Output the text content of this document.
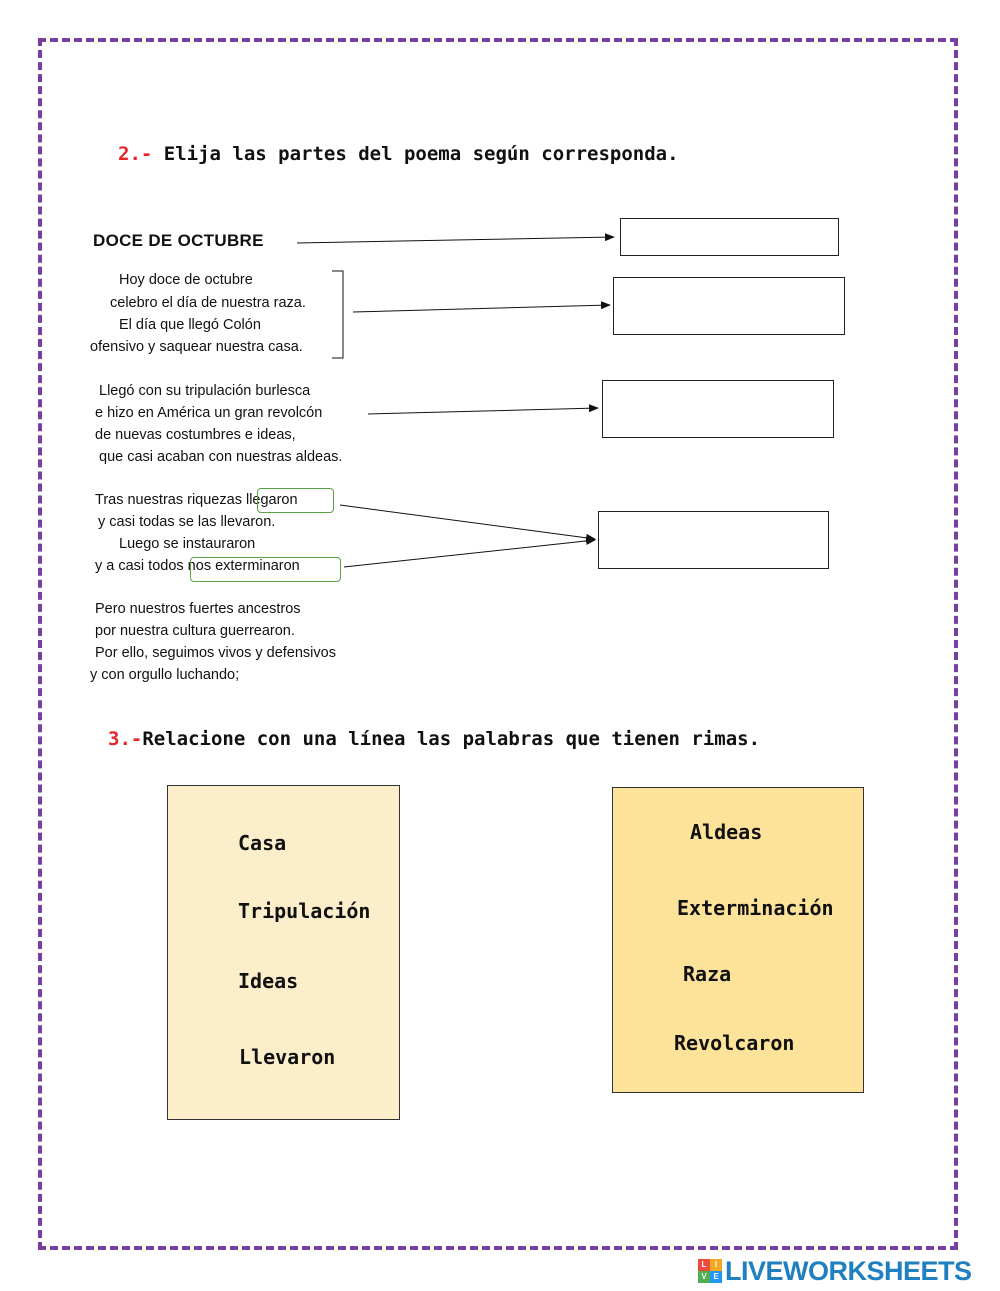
2.- Elija las partes del poema según corresponda.
DOCE DE OCTUBRE
Hoy doce de octubre
celebro el día de nuestra raza.
El día que llegó Colón
ofensivo y saquear nuestra casa.
Llegó con su tripulación burlesca
e hizo en América un gran revolcón
de nuevas costumbres e ideas,
que casi acaban con nuestras aldeas.
Tras nuestras riquezas llegaron
y casi todas se las llevaron.
Luego se instauraron
y a casi todos nos exterminaron
Pero nuestros fuertes ancestros
por nuestra cultura guerrearon.
Por ello, seguimos vivos y defensivos
y con orgullo luchando;
3.-Relacione con una línea las palabras que tienen rimas.
Casa
Tripulación
Ideas
Llevaron
Aldeas
Exterminación
Raza
Revolcaron
L	I
V E LIVEWORKSHEETS
